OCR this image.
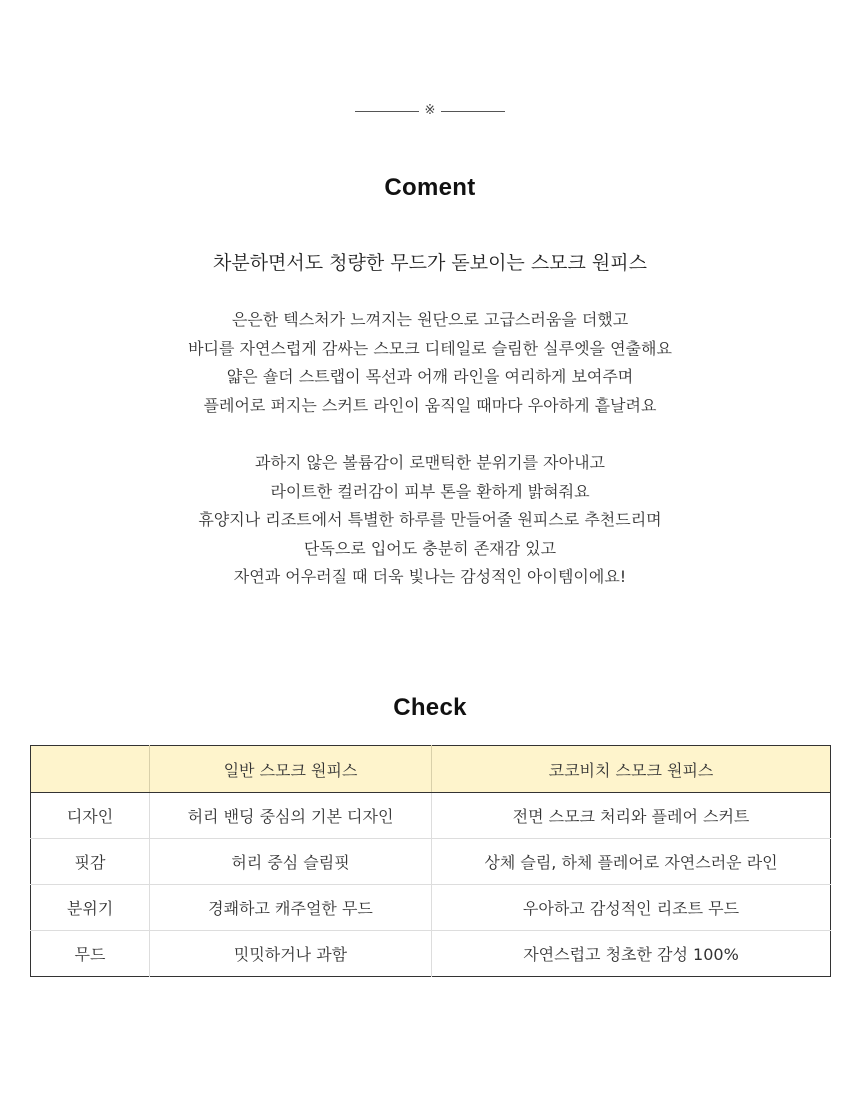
※
Coment
차분하면서도 청량한 무드가 돋보이는 스모크 원피스
은은한 텍스처가 느껴지는 원단으로 고급스러움을 더했고
바디를 자연스럽게 감싸는 스모크 디테일로 슬림한 실루엣을 연출해요
얇은 숄더 스트랩이 목선과 어깨 라인을 여리하게 보여주며
플레어로 퍼지는 스커트 라인이 움직일 때마다 우아하게 흩날려요
과하지 않은 볼륨감이 로맨틱한 분위기를 자아내고
라이트한 컬러감이 피부 톤을 환하게 밝혀줘요
휴양지나 리조트에서 특별한 하루를 만들어줄 원피스로 추천드리며
단독으로 입어도 충분히 존재감 있고
자연과 어우러질 때 더욱 빛나는 감성적인 아이템이에요!
Check
	일반 스모크 원피스	코코비치 스모크 원피스
디자인	허리 밴딩 중심의 기본 디자인	전면 스모크 처리와 플레어 스커트
핏감	허리 중심 슬림핏	상체 슬림, 하체 플레어로 자연스러운 라인
분위기	경쾌하고 캐주얼한 무드	우아하고 감성적인 리조트 무드
무드	밋밋하거나 과함	자연스럽고 청초한 감성 100%
